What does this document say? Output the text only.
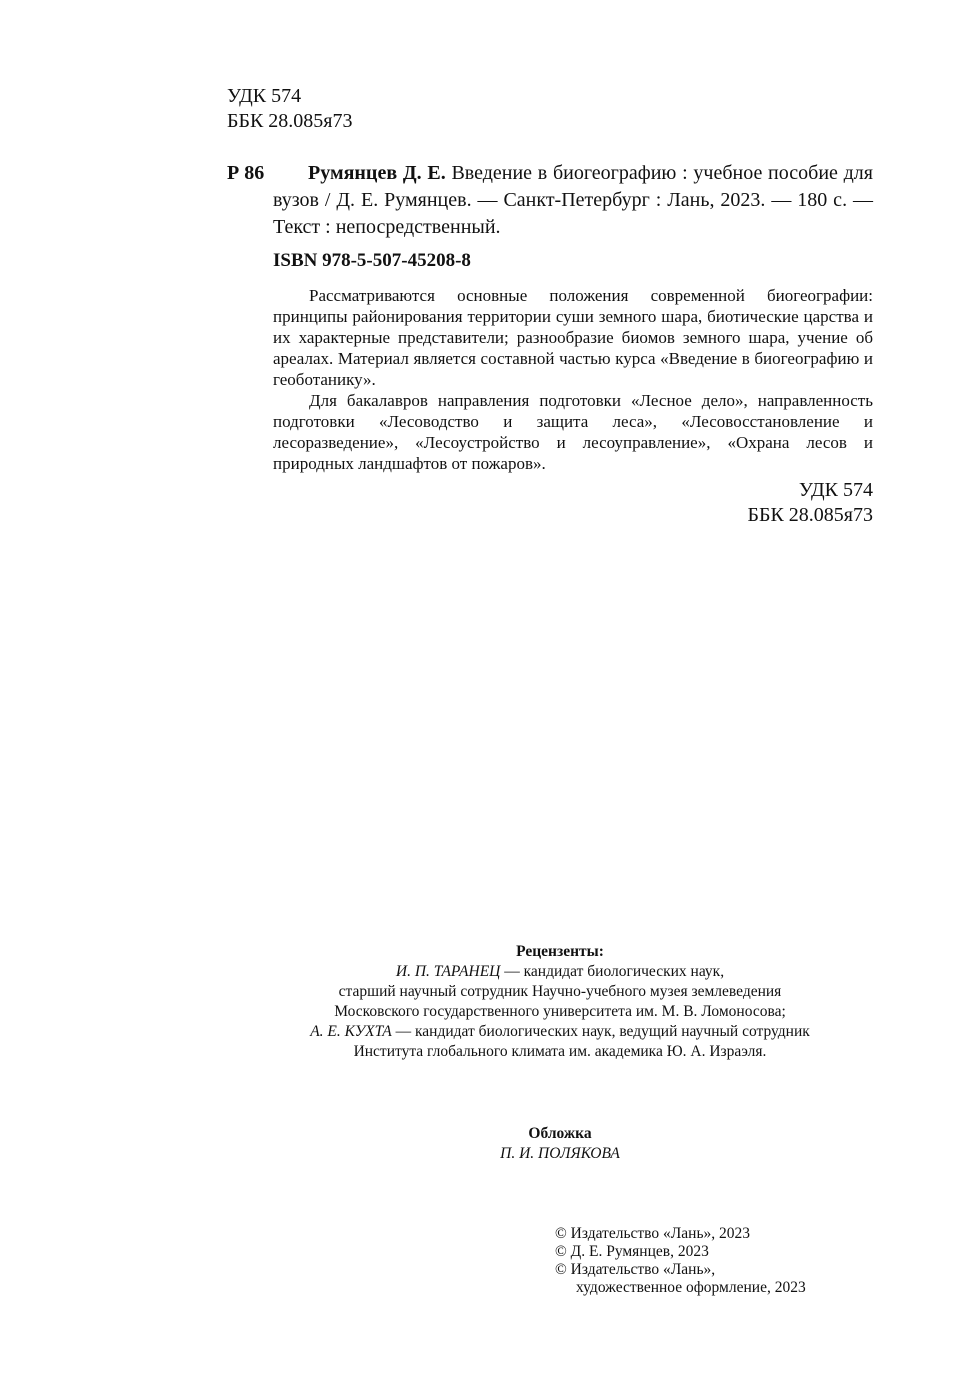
УДК 574
ББК 28.085я73
Р 86	Румянцев Д. Е. Введение в биогеографию : учебное пособие для вузов / Д. Е. Румянцев. — Санкт-Петербург : Лань, 2023. — 180 с. — Текст : непосредственный.
ISBN 978-5-507-45208-8

Рассматриваются основные положения современной биогеографии: принципы районирования территории суши земного шара, биотические царства и их характерные представители; разнообразие биомов земного шара, учение об ареалах. Материал является составной частью курса «Введение в биогеографию и геоботанику».

Для бакалавров направления подготовки «Лесное дело», направленность подготовки «Лесоводство и защита леса», «Лесовосстановление и лесоразведение», «Лесоустройство и лесоуправление», «Охрана лесов и природных ландшафтов от пожаров».

УДК 574
ББК 28.085я73
Рецензенты:
И. П. ТАРАНЕЦ — кандидат биологических наук,
старший научный сотрудник Научно-учебного музея землеведения
Московского государственного университета им. М. В. Ломоносова;
А. Е. КУХТА — кандидат биологических наук, ведущий научный сотрудник
Института глобального климата им. академика Ю. А. Израэля.
Обложка
П. И. ПОЛЯКОВА
© Издательство «Лань», 2023
© Д. Е. Румянцев, 2023
© Издательство «Лань»,
художественное оформление, 2023
